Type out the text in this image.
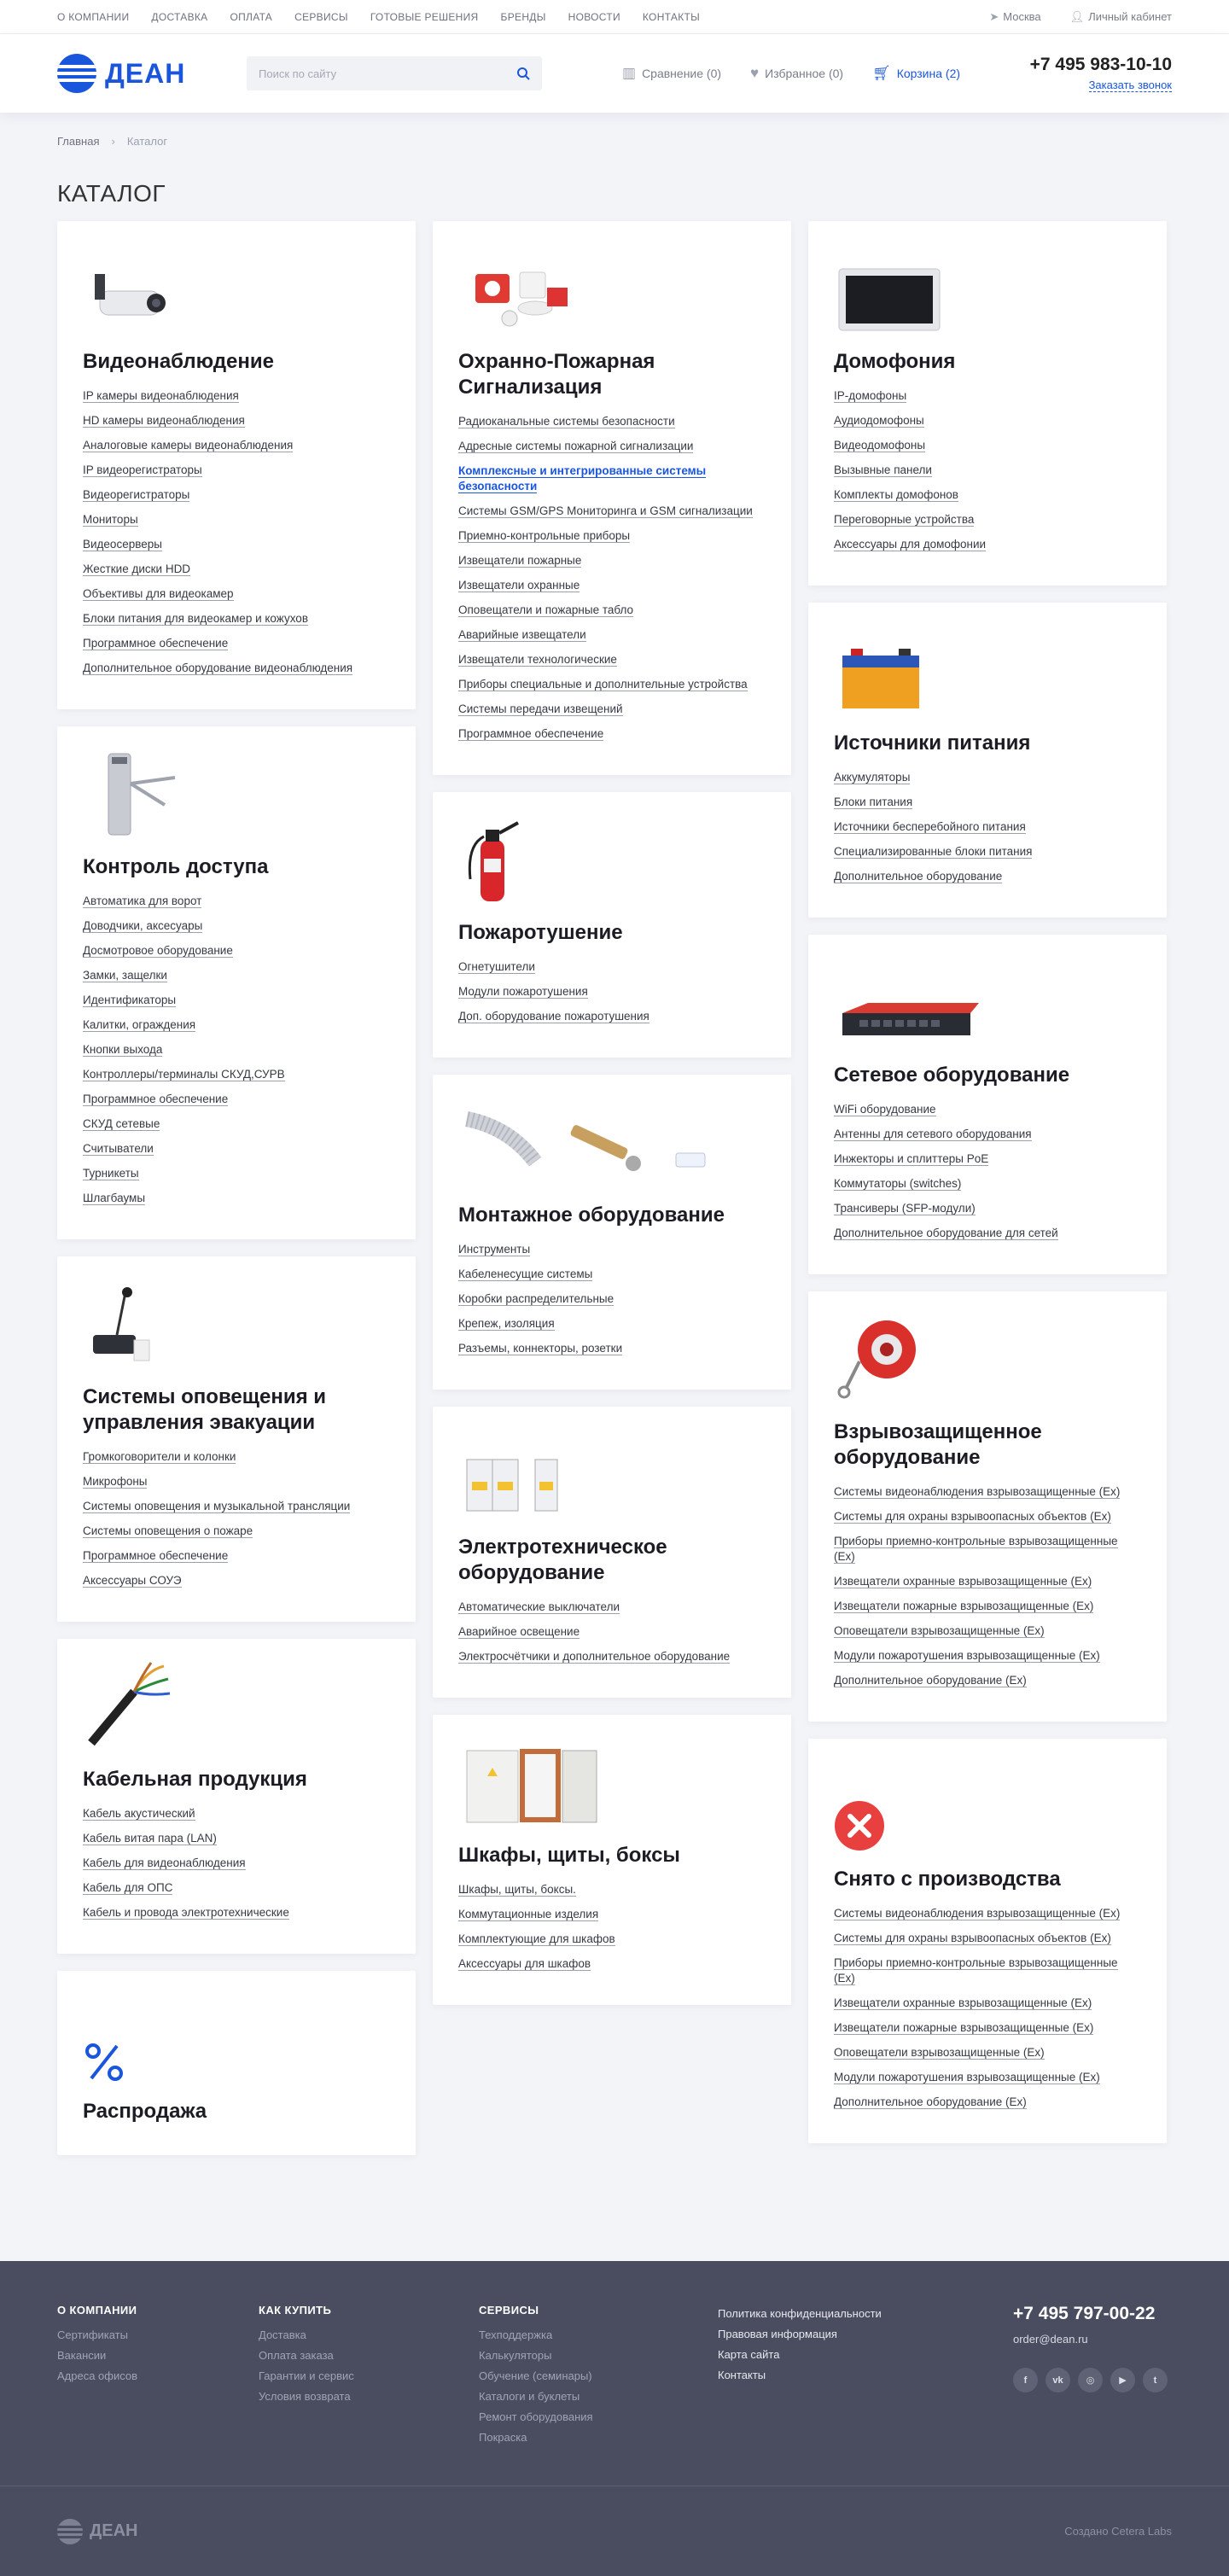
О КОМПАНИИ ДОСТАВКА ОПЛАТА СЕРВИСЫ ГОТОВЫЕ РЕШЕНИЯ БРЕНДЫ НОВОСТИ КОНТАКТЫ	➤ Москва	👤︎ Личный кабинет
ДЕАН
Поиск по сайту	▥ Сравнение (0) ♥ Избранное (0) 🛒︎ Корзина (2)	+7 495 983-10-10
Заказать звонок
Главная › Каталог
КАТАЛОГ
Видеонаблюдение
IP камеры видеонаблюдения
HD камеры видеонаблюдения
Аналоговые камеры видеонаблюдения
IP видеорегистраторы
Видеорегистраторы
Мониторы
Видеосерверы
Жесткие диски HDD
Объективы для видеокамер
Блоки питания для видеокамер и кожухов
Программное обеспечение
Дополнительное оборудование видеонаблюдения
Контроль доступа
Автоматика для ворот
Доводчики, аксесуары
Досмотровое оборудование
Замки, защелки
Идентификаторы
Калитки, ограждения
Кнопки выхода
Контроллеры/терминалы СКУД,СУРВ
Программное обеспечение
СКУД сетевые
Считыватели
Турникеты
Шлагбаумы
Системы оповещения и управления эвакуации
Громкоговорители и колонки
Микрофоны
Системы оповещения и музыкальной трансляции
Системы оповещения о пожаре
Программное обеспечение
Аксессуары СОУЭ
Кабельная продукция
Кабель акустический
Кабель витая пара (LAN)
Кабель для видеонаблюдения
Кабель для ОПС
Кабель и провода электротехнические
Распродажа
Охранно-Пожарная Сигнализация
Радиоканальные системы безопасности
Адресные системы пожарной сигнализации
Комплексные и интегрированные системы безопасности
Системы GSM/GPS Мониторинга и GSM сигнализации
Приемно-контрольные приборы
Извещатели пожарные
Извещатели охранные
Оповещатели и пожарные табло
Аварийные извещатели
Извещатели технологические
Приборы специальные и дополнительные устройства
Системы передачи извещений
Программное обеспечение
Пожаротушение
Огнетушители
Модули пожаротушения
Доп. оборудование пожаротушения
Монтажное оборудование
Инструменты
Кабеленесущие системы
Коробки распределительные
Крепеж, изоляция
Разъемы, коннекторы, розетки
Электротехническое оборудование
Автоматические выключатели
Аварийное освещение
Электросчётчики и дополнительное оборудование
Шкафы, щиты, боксы
Шкафы, щиты, боксы.
Коммутационные изделия
Комплектующие для шкафов
Аксессуары для шкафов
Домофония
IP-домофоны
Аудиодомофоны
Видеодомофоны
Вызывные панели
Комплекты домофонов
Переговорные устройства
Аксессуары для домофонии
Источники питания
Аккумуляторы
Блоки питания
Источники бесперебойного питания
Специализированные блоки питания
Дополнительное оборудование
Сетевое оборудование
WiFi оборудование
Антенны для сетевого оборудования
Инжекторы и сплиттеры PoE
Коммутаторы (switches)
Трансиверы (SFP-модули)
Дополнительное оборудование для сетей
Взрывозащищенное оборудование
Системы видеонаблюдения взрывозащищенные (Ex)
Системы для охраны взрывоопасных объектов (Ex)
Приборы приемно-контрольные взрывозащищенные (Ex)
Извещатели охранные взрывозащищенные (Ex)
Извещатели пожарные взрывозащищенные (Ex)
Оповещатели взрывозащищенные (Ex)
Модули пожаротушения взрывозащищенные (Ex)
Дополнительное оборудование (Ex)
Снято с производства
Системы видеонаблюдения взрывозащищенные (Ex)
Системы для охраны взрывоопасных объектов (Ex)
Приборы приемно-контрольные взрывозащищенные (Ex)
Извещатели охранные взрывозащищенные (Ex)
Извещатели пожарные взрывозащищенные (Ex)
Оповещатели взрывозащищенные (Ex)
Модули пожаротушения взрывозащищенные (Ex)
Дополнительное оборудование (Ex)
О КОМПАНИИ
Сертификаты
Вакансии
Адреса офисов
КАК КУПИТЬ
Доставка
Оплата заказа
Гарантии и сервис
Условия возврата
СЕРВИСЫ
Техподдержка
Калькуляторы
Обучение (семинары)
Каталоги и буклеты
Ремонт оборудования
Покраска
Политика конфиденциальности
Правовая информация
Карта сайта
Контакты
+7 495 797-00-22
order@dean.ru
f	vk	◎	▶	t
ДЕАН	Создано Cetera Labs
